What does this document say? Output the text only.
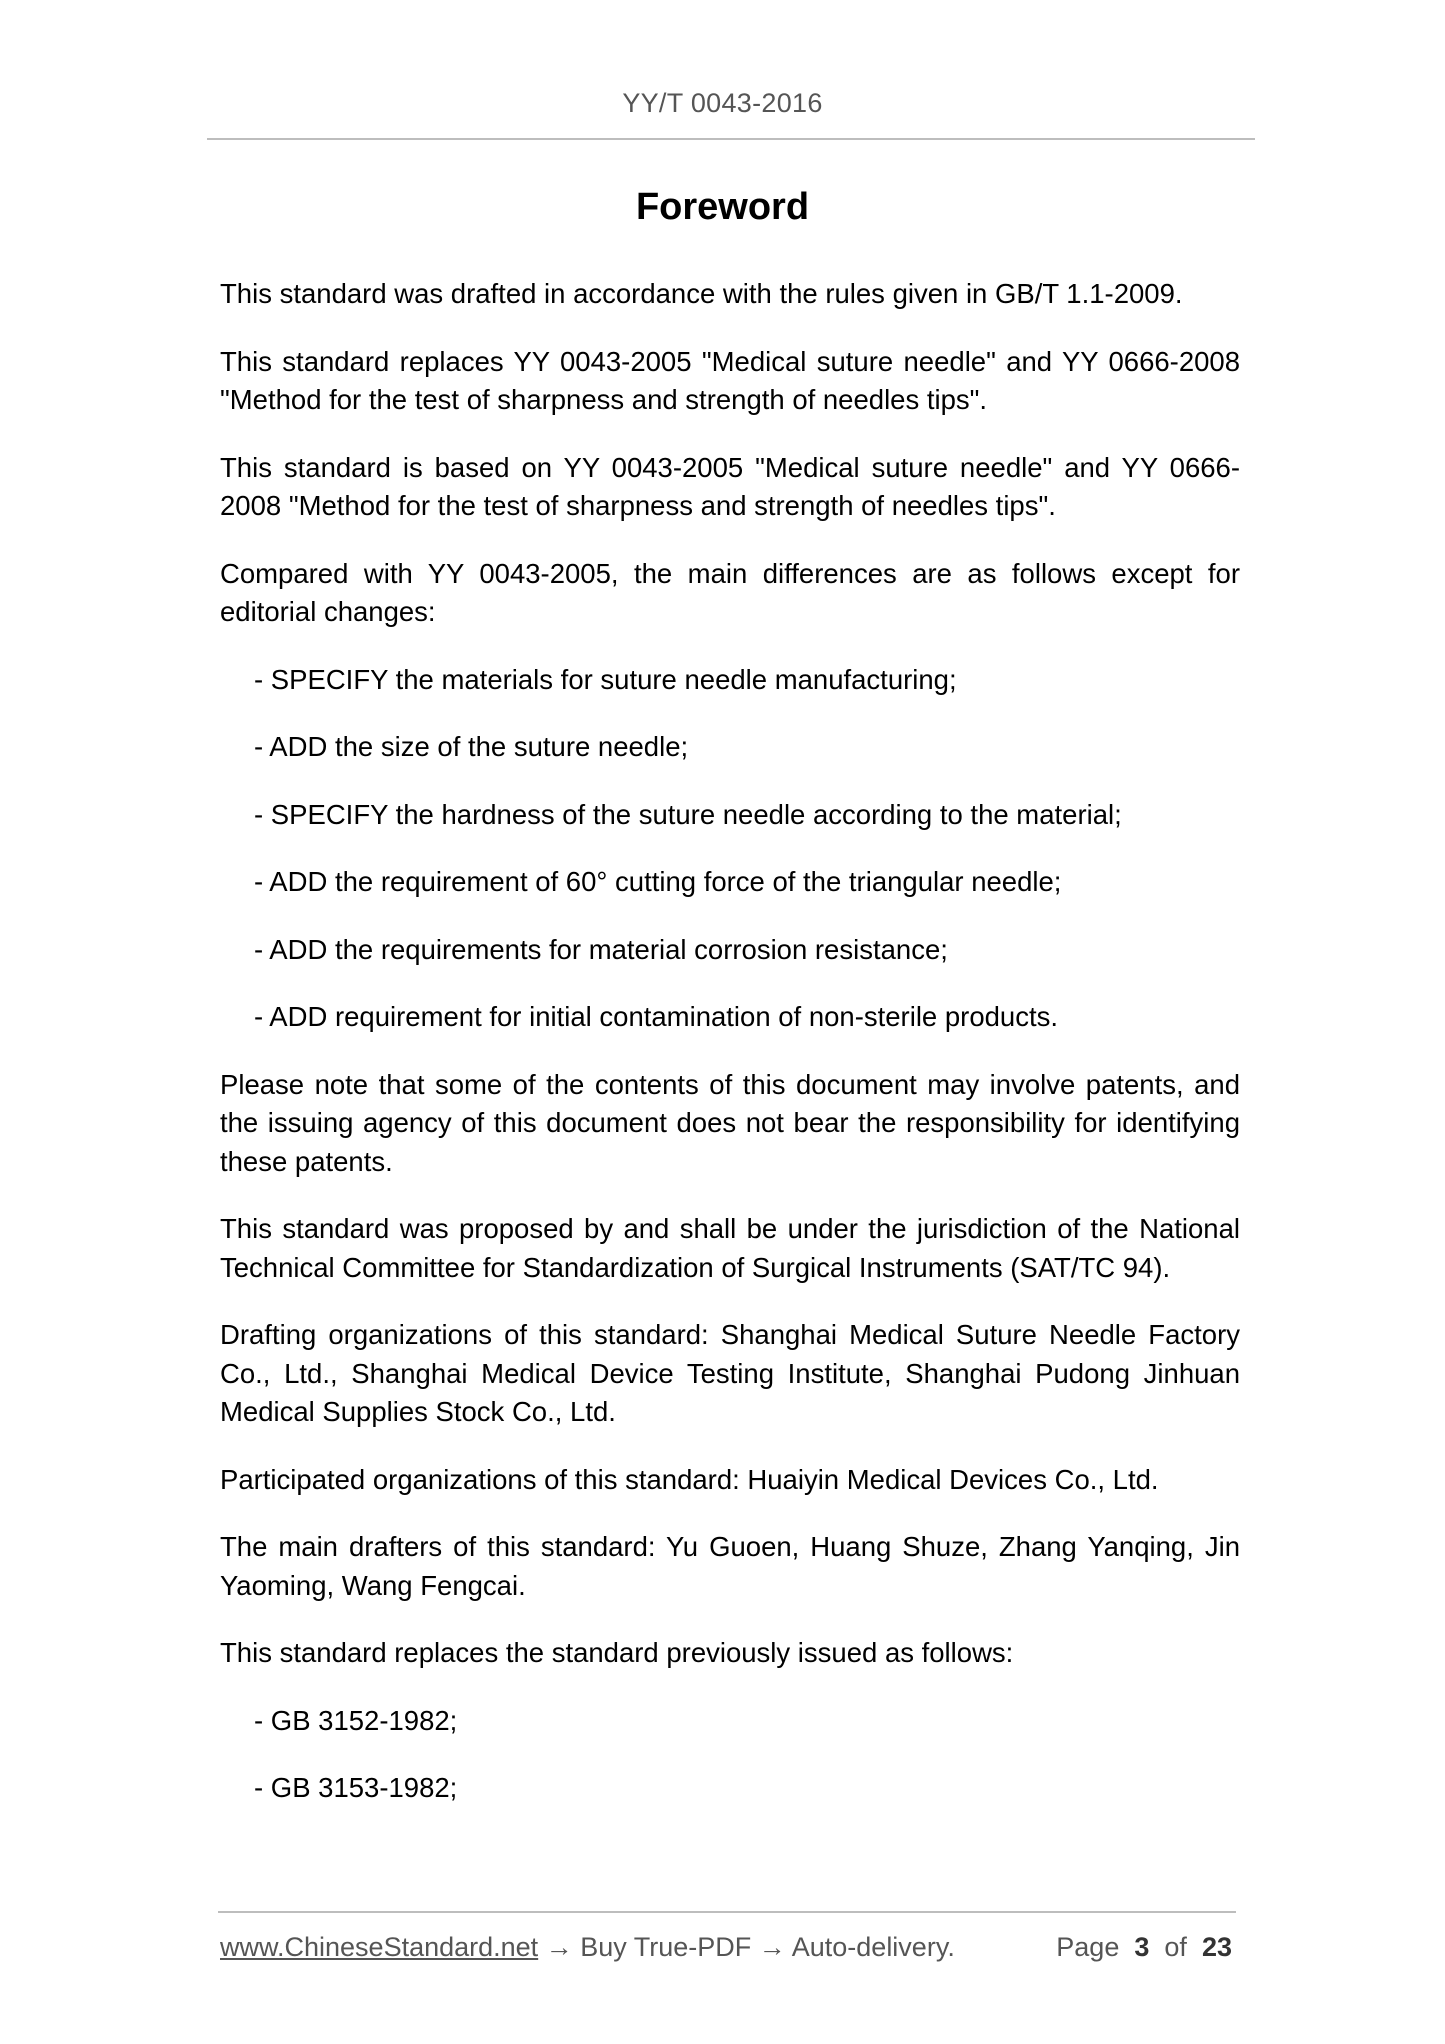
YY/T 0043-2016
Foreword

This standard was drafted in accordance with the rules given in GB/T 1.1-2009.

This standard replaces YY 0043-2005 "Medical suture needle" and YY 0666-2008 "Method for the test of sharpness and strength of needles tips".

This standard is based on YY 0043-2005 "Medical suture needle" and YY 0666-2008 "Method for the test of sharpness and strength of needles tips".

Compared with YY 0043-2005, the main differences are as follows except for editorial changes:

- SPECIFY the materials for suture needle manufacturing;

- ADD the size of the suture needle;

- SPECIFY the hardness of the suture needle according to the material;

- ADD the requirement of 60° cutting force of the triangular needle;

- ADD the requirements for material corrosion resistance;

- ADD requirement for initial contamination of non-sterile products.

Please note that some of the contents of this document may involve patents, and the issuing agency of this document does not bear the responsibility for identifying these patents.

This standard was proposed by and shall be under the jurisdiction of the National Technical Committee for Standardization of Surgical Instruments (SAT/TC 94).

Drafting organizations of this standard: Shanghai Medical Suture Needle Factory Co., Ltd., Shanghai Medical Device Testing Institute, Shanghai Pudong Jinhuan Medical Supplies Stock Co., Ltd.

Participated organizations of this standard: Huaiyin Medical Devices Co., Ltd.

The main drafters of this standard: Yu Guoen, Huang Shuze, Zhang Yanqing, Jin Yaoming, Wang Fengcai.

This standard replaces the standard previously issued as follows:

- GB 3152-1982;

- GB 3153-1982;

www.ChineseStandard.net → Buy True-PDF → Auto-delivery.	Page 3 of 23
